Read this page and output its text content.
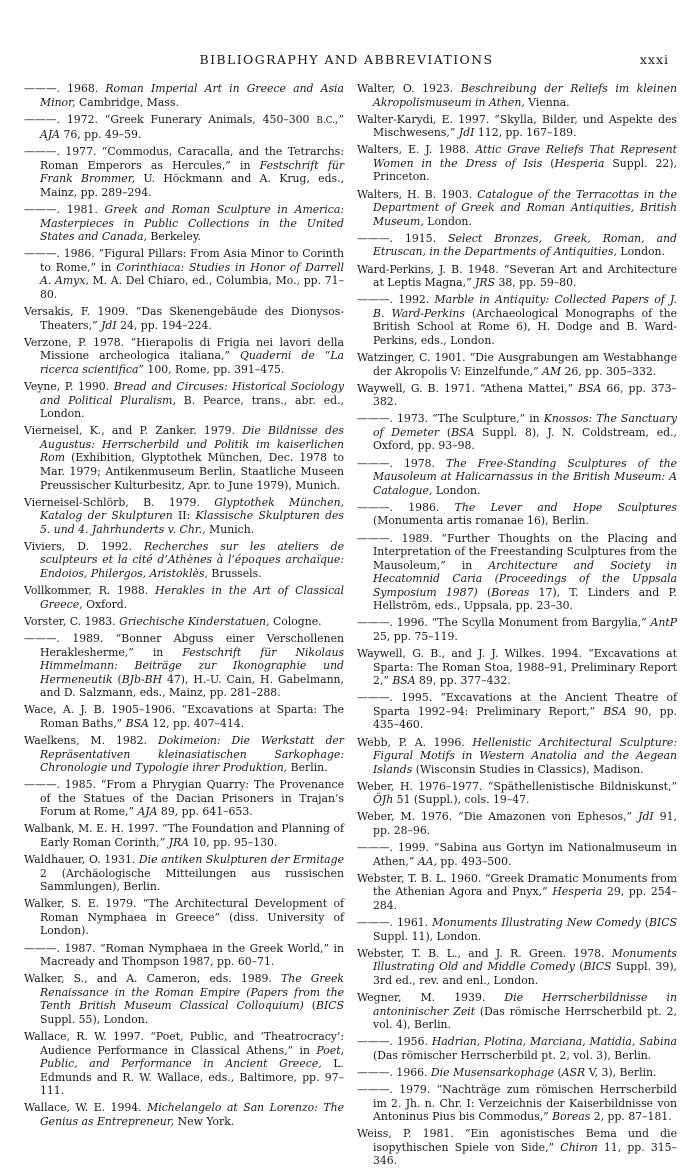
BIBLIOGRAPHY AND ABBREVIATIONS	xxxi

———. 1968. Roman Imperial Art in Greece and Asia Minor, Cambridge, Mass.

———. 1972. “Greek Funerary Animals, 450–300 B.C.,” AJA 76, pp. 49–59.

———. 1977. “Commodus, Caracalla, and the Tetrarchs: Roman Emperors as Hercules,” in Festschrift für Frank Brommer, U. Höckmann and A. Krug, eds., Mainz, pp. 289–294.

———. 1981. Greek and Roman Sculpture in America: Masterpieces in Public Collections in the United States and Canada, Berkeley.

———. 1986. “Figural Pillars: From Asia Minor to Corinth to Rome,” in Corinthiaca: Studies in Honor of Darrell A. Amyx, M. A. Del Chiaro, ed., Columbia, Mo., pp. 71–80.

Versakis, F. 1909. “Das Skenengebäude des Dionysos-Theaters,” JdI 24, pp. 194–224.

Verzone, P. 1978. “Hierapolis di Frigia nei lavori della Missione archeologica italiana,” Quaderni de “La ricerca scientifica” 100, Rome, pp. 391–475.

Veyne, P. 1990. Bread and Circuses: Historical Sociology and Political Pluralism, B. Pearce, trans., abr. ed., London.

Vierneisel, K., and P. Zanker. 1979. Die Bildnisse des Augustus: Herrscherbild und Politik im kaiserlichen Rom (Exhibition, Glyptothek München, Dec. 1978 to Mar. 1979; Antikenmuseum Berlin, Staatliche Museen Preussischer Kulturbesitz, Apr. to June 1979), Munich.

Vierneisel-Schlörb, B. 1979. Glyptothek München, Katalog der Skulpturen II: Klassische Skulpturen des 5. und 4. Jahrhunderts v. Chr., Munich.

Viviers, D. 1992. Recherches sur les ateliers de sculpteurs et la cité d’Athènes à l’époques archaïque: Endoios, Philergos, Aristoklès, Brussels.

Vollkommer, R. 1988. Herakles in the Art of Classical Greece, Oxford.

Vorster, C. 1983. Griechische Kinderstatuen, Cologne.

———. 1989. “Bonner Abguss einer Verschollenen Heraklesherme,” in Festschrift für Nikolaus Himmelmann: Beiträge zur Ikonographie und Hermeneutik (BJb-BH 47), H.-U. Cain, H. Gabelmann, and D. Salzmann, eds., Mainz, pp. 281–288.

Wace, A. J. B. 1905–1906. “Excavations at Sparta: The Roman Baths,” BSA 12, pp. 407–414.

Waelkens, M. 1982. Dokimeion: Die Werkstatt der Repräsentativen kleinasiatischen Sarkophage: Chronologie und Typologie ihrer Produktion, Berlin.

———. 1985. “From a Phrygian Quarry: The Provenance of the Statues of the Dacian Prisoners in Trajan’s Forum at Rome,” AJA 89, pp. 641–653.

Walbank, M. E. H. 1997. “The Foundation and Planning of Early Roman Corinth,” JRA 10, pp. 95–130.

Waldhauer, O. 1931. Die antiken Skulpturen der Ermitage 2 (Archäologische Mitteilungen aus russischen Sammlungen), Berlin.

Walker, S. E. 1979. “The Architectural Development of Roman Nymphaea in Greece” (diss. University of London).

———. 1987. “Roman Nymphaea in the Greek World,” in Macready and Thompson 1987, pp. 60–71.

Walker, S., and A. Cameron, eds. 1989. The Greek Renaissance in the Roman Empire (Papers from the Tenth British Museum Classical Colloquium) (BICS Suppl. 55), London.

Wallace, R. W. 1997. “Poet, Public, and ‘Theatrocracy’: Audience Performance in Classical Athens,” in Poet, Public, and Performance in Ancient Greece, L. Edmunds and R. W. Wallace, eds., Baltimore, pp. 97–111.

Wallace, W. E. 1994. Michelangelo at San Lorenzo: The Genius as Entrepreneur, New York.

Walter, O. 1923. Beschreibung der Reliefs im kleinen Akropolismuseum in Athen, Vienna.

Walter-Karydi, E. 1997. “Skylla, Bilder, und Aspekte des Mischwesens,” JdI 112, pp. 167–189.

Walters, E. J. 1988. Attic Grave Reliefs That Represent Women in the Dress of Isis (Hesperia Suppl. 22), Princeton.

Walters, H. B. 1903. Catalogue of the Terracottas in the Department of Greek and Roman Antiquities, British Museum, London.

———. 1915. Select Bronzes, Greek, Roman, and Etruscan, in the Departments of Antiquities, London.

Ward-Perkins, J. B. 1948. “Severan Art and Architecture at Leptis Magna,” JRS 38, pp. 59–80.

———. 1992. Marble in Antiquity: Collected Papers of J. B. Ward-Perkins (Archaeological Monographs of the British School at Rome 6), H. Dodge and B. Ward-Perkins, eds., London.

Watzinger, C. 1901. “Die Ausgrabungen am Westabhange der Akropolis V: Einzelfunde,” AM 26, pp. 305–332.

Waywell, G. B. 1971. “Athena Mattei,” BSA 66, pp. 373–382.

———. 1973. “The Sculpture,” in Knossos: The Sanctuary of Demeter (BSA Suppl. 8), J. N. Coldstream, ed., Oxford, pp. 93–98.

———. 1978. The Free-Standing Sculptures of the Mausoleum at Halicarnassus in the British Museum: A Catalogue, London.

———. 1986. The Lever and Hope Sculptures (Monumenta artis romanae 16), Berlin.

———. 1989. “Further Thoughts on the Placing and Interpretation of the Freestanding Sculptures from the Mausoleum,” in Architecture and Society in Hecatomnid Caria (Proceedings of the Uppsala Symposium 1987) (Boreas 17), T. Linders and P. Hellström, eds., Uppsala, pp. 23–30.

———. 1996. “The Scylla Monument from Bargylia,” AntP 25, pp. 75–119.

Waywell, G. B., and J. J. Wilkes. 1994. “Excavations at Sparta: The Roman Stoa, 1988–91, Preliminary Report 2,” BSA 89, pp. 377–432.

———. 1995. “Excavations at the Ancient Theatre of Sparta 1992–94: Preliminary Report,” BSA 90, pp. 435–460.

Webb, P. A. 1996. Hellenistic Architectural Sculpture: Figural Motifs in Western Anatolia and the Aegean Islands (Wisconsin Studies in Classics), Madison.

Weber, H. 1976–1977. “Späthellenistische Bildniskunst,” ÖJh 51 (Suppl.), cols. 19–47.

Weber, M. 1976. “Die Amazonen von Ephesos,” JdI 91, pp. 28–96.

———. 1999. “Sabina aus Gortyn im Nationalmuseum in Athen,” AA, pp. 493–500.

Webster, T. B. L. 1960. “Greek Dramatic Monuments from the Athenian Agora and Pnyx,” Hesperia 29, pp. 254–284.

———. 1961. Monuments Illustrating New Comedy (BICS Suppl. 11), London.

Webster, T. B. L., and J. R. Green. 1978. Monuments Illustrating Old and Middle Comedy (BICS Suppl. 39), 3rd ed., rev. and enl., London.

Wegner, M. 1939. Die Herrscherbildnisse in antoninischer Zeit (Das römische Herrscherbild pt. 2, vol. 4), Berlin.

———. 1956. Hadrian, Plotina, Marciana, Matidia, Sabina (Das römischer Herrscherbild pt. 2, vol. 3), Berlin.

———. 1966. Die Musensarkophage (ASR V, 3), Berlin.

———. 1979. “Nachträge zum römischen Herrscherbild im 2. Jh. n. Chr. I: Verzeichnis der Kaiserbildnisse von Antoninus Pius bis Commodus,” Boreas 2, pp. 87–181.

Weiss, P. 1981. “Ein agonistisches Bema und die isopythischen Spiele von Side,” Chiron 11, pp. 315–346.
